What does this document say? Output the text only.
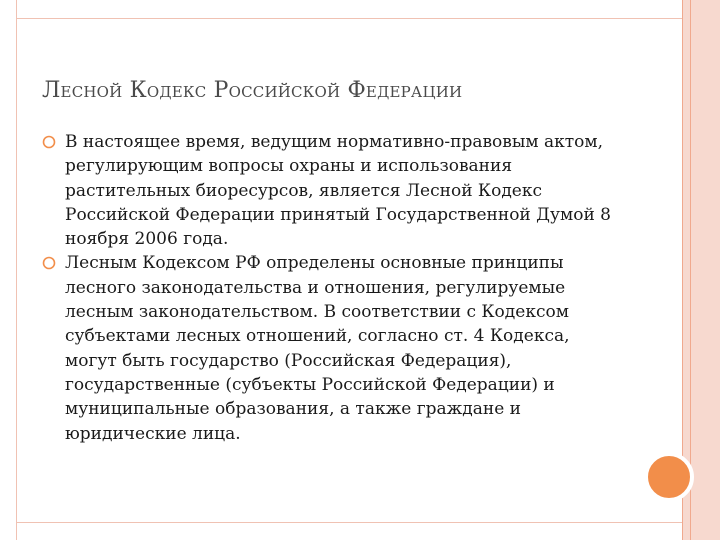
Лесной Кодекс Российской Федерации
В настоящее время, ведущим нормативно-правовым актом, регулирующим вопросы охраны и использования растительных биоресурсов, является Лесной Кодекс Российской Федерации принятый Государственной Думой 8 ноября 2006 года.
Лесным Кодексом РФ определены основные принципы лесного законодательства и отношения, регулируемые лесным законодательством. В соответствии с Кодексом субъектами лесных отношений, согласно ст. 4 Кодекса, могут быть государство (Российская Федерация), государственные (субъекты Российской Федерации) и муниципальные образования, а также граждане и юридические лица.
